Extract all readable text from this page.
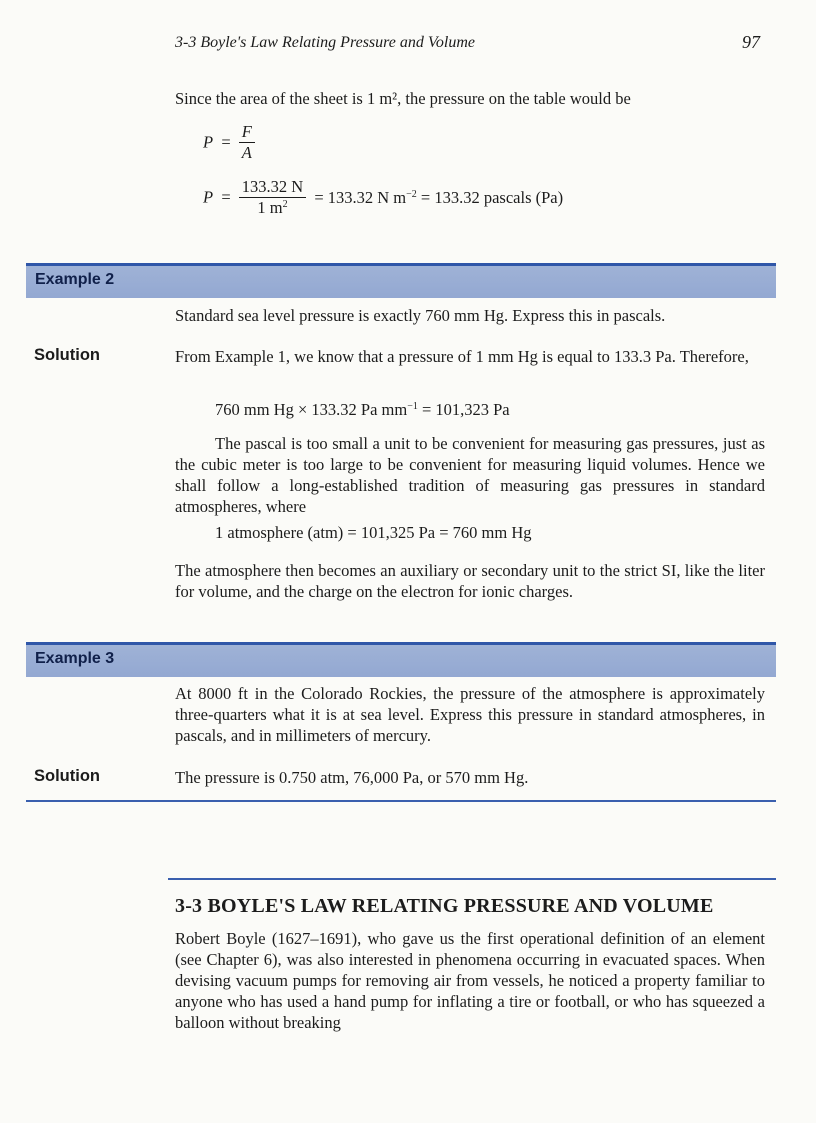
3-3 Boyle's Law Relating Pressure and Volume	97
Since the area of the sheet is 1 m², the pressure on the table would be
$P = \frac{F}{A}$
$P = \frac{133.32 N}{1 m^2} = 133.32$ N $m^{-2} = 133.32$ pascals (Pa)
Example 2
Standard sea level pressure is exactly 760 mm Hg. Express this in pascals.
Solution	From Example 1, we know that a pressure of 1 mm Hg is equal to 133.3 Pa. Therefore,
760 mm Hg × 133.32 Pa $mm^{-1} = 101,323$ Pa
The pascal is too small a unit to be convenient for measuring gas pressures, just as the cubic meter is too large to be convenient for measuring liquid volumes. Hence we shall follow a long-established tradition of measuring gas pressures in standard atmospheres, where
1 atmosphere (atm) = 101,325 Pa = 760 mm Hg
The atmosphere then becomes an auxiliary or secondary unit to the strict SI, like the liter for volume, and the charge on the electron for ionic charges.
Example 3
At 8000 ft in the Colorado Rockies, the pressure of the atmosphere is approximately three-quarters what it is at sea level. Express this pressure in standard atmospheres, in pascals, and in millimeters of mercury.
Solution	The pressure is 0.750 atm, 76,000 Pa, or 570 mm Hg.
3-3 BOYLE'S LAW RELATING PRESSURE AND VOLUME
Robert Boyle (1627–1691), who gave us the first operational definition of an element (see Chapter 6), was also interested in phenomena occurring in evacuated spaces. When devising vacuum pumps for removing air from vessels, he noticed a property familiar to anyone who has used a hand pump for inflating a tire or football, or who has squeezed a balloon without breaking
